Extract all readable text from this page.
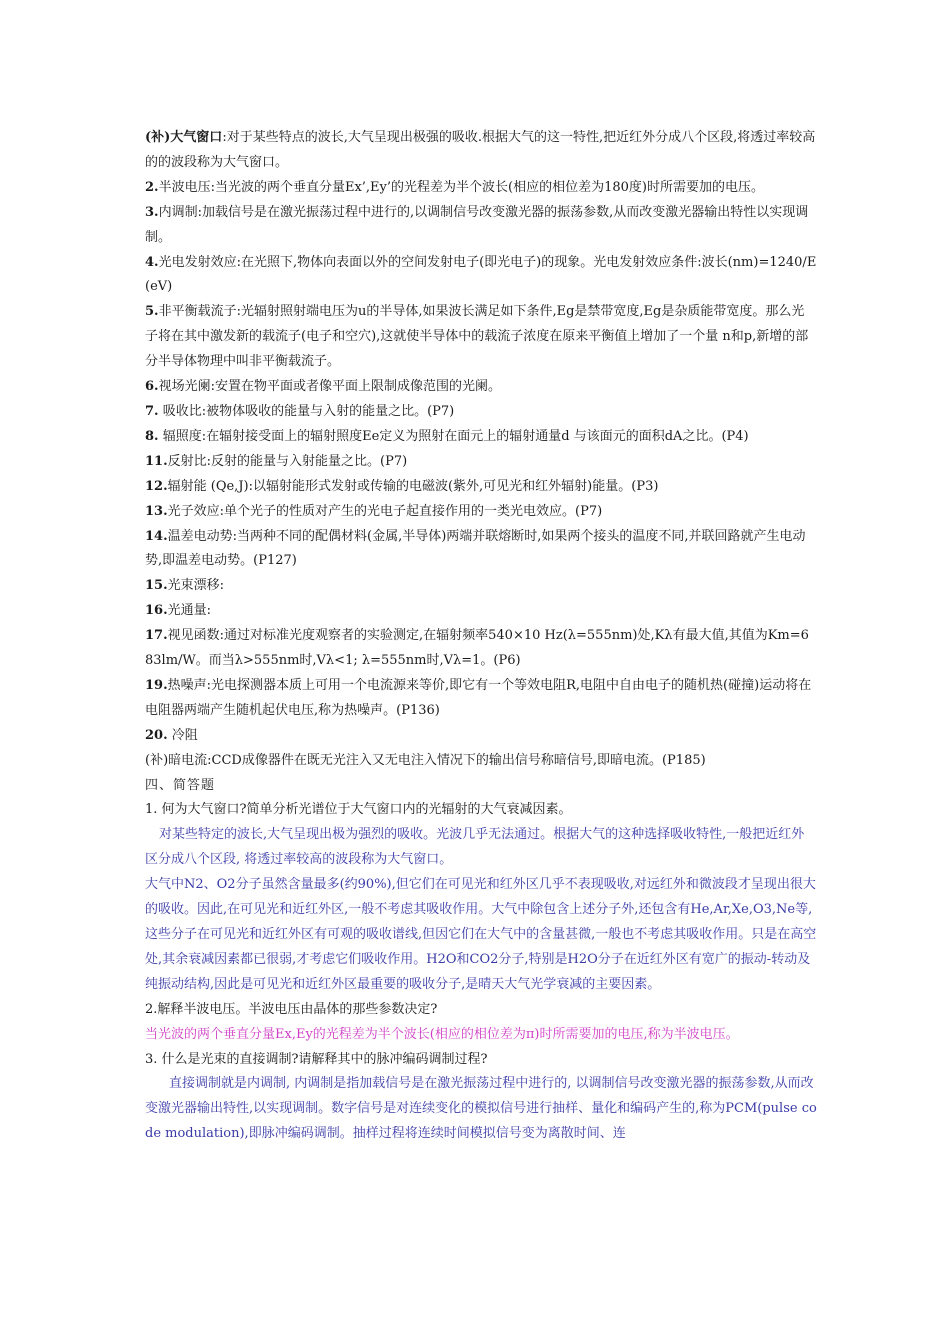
(补)大气窗口:对于某些特点的波长,大气呈现出极强的吸收.根据大气的这一特性,把近红外分成八个区段,将透过率较高的的波段称为大气窗口。

2.半波电压:当光波的两个垂直分量Ex’,Ey’的光程差为半个波长(相应的相位差为180度)时所需要加的电压。

3.内调制:加载信号是在激光振荡过程中进行的,以调制信号改变激光器的振荡参数,从而改变激光器输出特性以实现调制。

4.光电发射效应:在光照下,物体向表面以外的空间发射电子(即光电子)的现象。光电发射效应条件:波长(nm)=1240/E(eV)

5.非平衡载流子:光辐射照射端电压为u的半导体,如果波长满足如下条件,Eg是禁带宽度,Eg是杂质能带宽度。那么光子将在其中激发新的载流子(电子和空穴),这就使半导体中的载流子浓度在原来平衡值上增加了一个量 n和p,新增的部分半导体物理中叫非平衡载流子。

6.视场光阑:安置在物平面或者像平面上限制成像范围的光阑。

7. 吸收比:被物体吸收的能量与入射的能量之比。(P7)

8. 辐照度:在辐射接受面上的辐射照度Ee定义为照射在面元上的辐射通量d 与该面元的面积dA之比。(P4)

11.反射比:反射的能量与入射能量之比。(P7)

12.辐射能 (Qe,J):以辐射能形式发射或传输的电磁波(紫外,可见光和红外辐射)能量。(P3)

13.光子效应:单个光子的性质对产生的光电子起直接作用的一类光电效应。(P7)

14.温差电动势:当两种不同的配偶材料(金属,半导体)两端并联熔断时,如果两个接头的温度不同,并联回路就产生电动势,即温差电动势。(P127)

15.光束漂移:

16.光通量:

17.视见函数:通过对标准光度观察者的实验测定,在辐射频率540×10 Hz(λ=555nm)处,Kλ有最大值,其值为Km=683lm/W。而当λ>555nm时,Vλ<1; λ=555nm时,Vλ=1。(P6)

19.热噪声:光电探测器本质上可用一个电流源来等价,即它有一个等效电阻R,电阻中自由电子的随机热(碰撞)运动将在电阻器两端产生随机起伏电压,称为热噪声。(P136)

20. 冷阻

(补)暗电流:CCD成像器件在既无光注入又无电注入情况下的输出信号称暗信号,即暗电流。(P185)

四、简答题

1. 何为大气窗口?简单分析光谱位于大气窗口内的光辐射的大气衰减因素。

对某些特定的波长,大气呈现出极为强烈的吸收。光波几乎无法通过。根据大气的这种选择吸收特性,一般把近红外区分成八个区段, 将透过率较高的波段称为大气窗口。

大气中N2、O2分子虽然含量最多(约90%),但它们在可见光和红外区几乎不表现吸收,对远红外和微波段才呈现出很大的吸收。因此,在可见光和近红外区,一般不考虑其吸收作用。大气中除包含上述分子外,还包含有He,Ar,Xe,O3,Ne等,这些分子在可见光和近红外区有可观的吸收谱线,但因它们在大气中的含量甚微,一般也不考虑其吸收作用。只是在高空处,其余衰减因素都已很弱,才考虑它们吸收作用。H2O和CO2分子,特别是H2O分子在近红外区有宽广的振动-转动及纯振动结构,因此是可见光和近红外区最重要的吸收分子,是晴天大气光学衰减的主要因素。

2.解释半波电压。半波电压由晶体的那些参数决定?

当光波的两个垂直分量Ex,Ey的光程差为半个波长(相应的相位差为π)时所需要加的电压,称为半波电压。

3. 什么是光束的直接调制?请解释其中的脉冲编码调制过程?

直接调制就是内调制, 内调制是指加载信号是在激光振荡过程中进行的, 以调制信号改变激光器的振荡参数,从而改变激光器输出特性,以实现调制。数字信号是对连续变化的模拟信号进行抽样、量化和编码产生的,称为PCM(pulse code modulation),即脉冲编码调制。抽样过程将连续时间模拟信号变为离散时间、连
